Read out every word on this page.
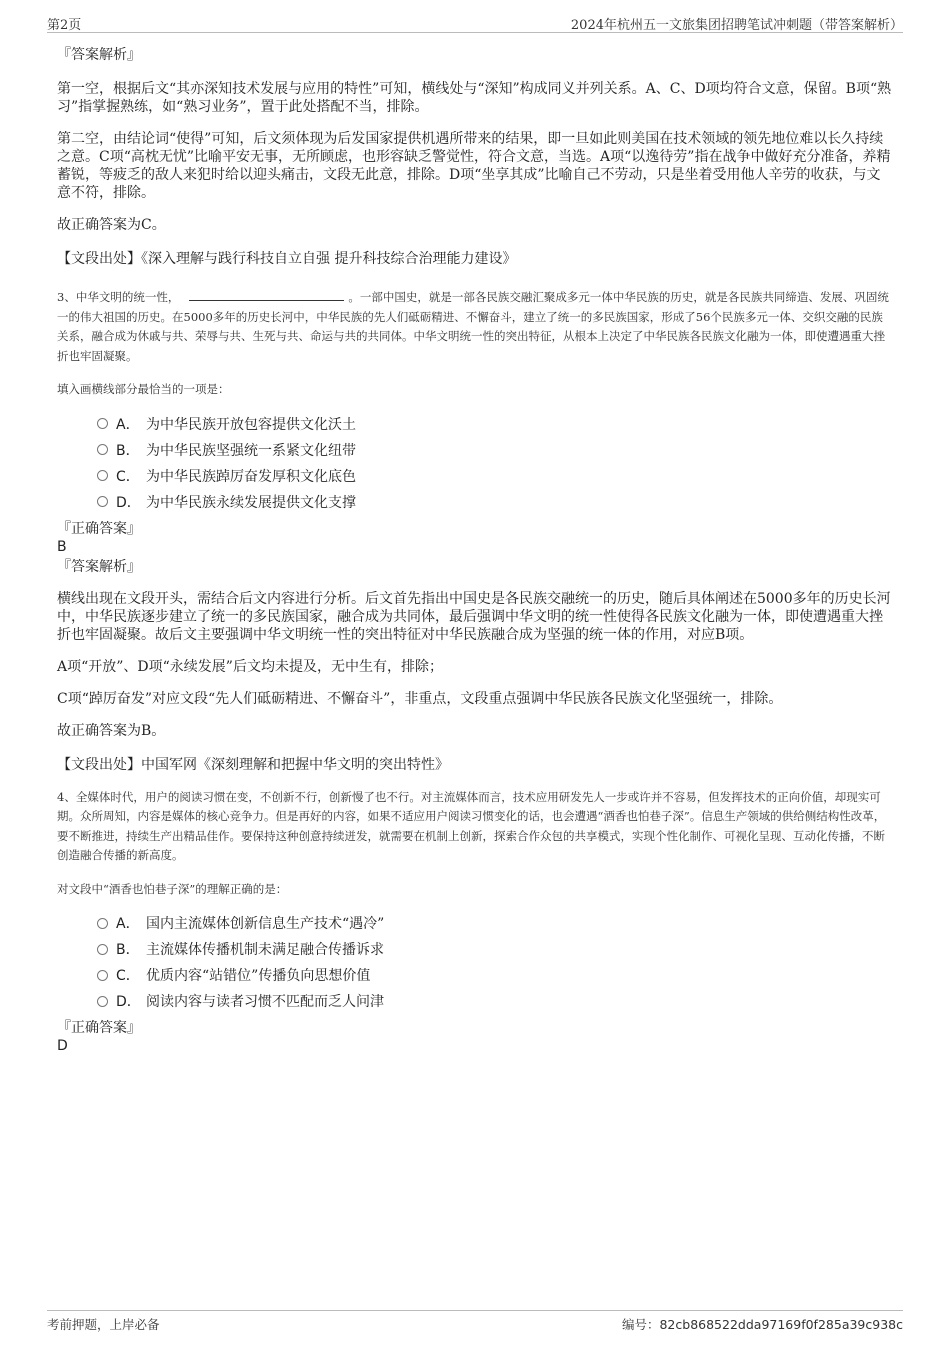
第2页	2024年杭州五一文旅集团招聘笔试冲刺题（带答案解析）

『答案解析』

第一空，根据后文“其亦深知技术发展与应用的特性”可知，横线处与“深知”构成同义并列关系。A、C、D项均符合文意，保留。B项“熟习”指掌握熟练，如“熟习业务”，置于此处搭配不当，排除。

第二空，由结论词“使得”可知，后文须体现为后发国家提供机遇所带来的结果，即一旦如此则美国在技术领域的领先地位难以长久持续之意。C项“高枕无忧”比喻平安无事，无所顾虑，也形容缺乏警觉性，符合文意，当选。A项“以逸待劳”指在战争中做好充分准备，养精蓄锐，等疲乏的敌人来犯时给以迎头痛击，文段无此意，排除。D项“坐享其成”比喻自己不劳动，只是坐着受用他人辛劳的收获，与文意不符，排除。

故正确答案为C。

【文段出处】《深入理解与践行科技自立自强 提升科技综合治理能力建设》

3、中华文明的统一性，	。一部中国史，就是一部各民族交融汇聚成多元一体中华民族的历史，就是各民族共同缔造、发展、巩固统一的伟大祖国的历史。在5000多年的历史长河中，中华民族的先人们砥砺精进、不懈奋斗，建立了统一的多民族国家，形成了56个民族多元一体、交织交融的民族关系，融合成为休戚与共、荣辱与共、生死与共、命运与共的共同体。中华文明统一性的突出特征，从根本上决定了中华民族各民族文化融为一体，即使遭遇重大挫折也牢固凝聚。

填入画横线部分最恰当的一项是：

A． 为中华民族开放包容提供文化沃土
B． 为中华民族坚强统一系紧文化纽带
C． 为中华民族踔厉奋发厚积文化底色
D． 为中华民族永续发展提供文化支撑

『正确答案』

B

『答案解析』

横线出现在文段开头，需结合后文内容进行分析。后文首先指出中国史是各民族交融统一的历史，随后具体阐述在5000多年的历史长河中，中华民族逐步建立了统一的多民族国家，融合成为共同体，最后强调中华文明的统一性使得各民族文化融为一体，即使遭遇重大挫折也牢固凝聚。故后文主要强调中华文明统一性的突出特征对中华民族融合成为坚强的统一体的作用，对应B项。

A项“开放”、D项“永续发展”后文均未提及，无中生有，排除；

C项“踔厉奋发”对应文段“先人们砥砺精进、不懈奋斗”，非重点，文段重点强调中华民族各民族文化坚强统一，排除。

故正确答案为B。

【文段出处】中国军网《深刻理解和把握中华文明的突出特性》

4、全媒体时代，用户的阅读习惯在变，不创新不行，创新慢了也不行。对主流媒体而言，技术应用研发先人一步或许并不容易，但发挥技术的正向价值，却现实可期。众所周知，内容是媒体的核心竞争力。但是再好的内容，如果不适应用户阅读习惯变化的话，也会遭遇“酒香也怕巷子深”。信息生产领域的供给侧结构性改革，要不断推进，持续生产出精品佳作。要保持这种创意持续迸发，就需要在机制上创新，探索合作众包的共享模式，实现个性化制作、可视化呈现、互动化传播，不断创造融合传播的新高度。

对文段中“酒香也怕巷子深”的理解正确的是：

A． 国内主流媒体创新信息生产技术“遇冷”
B． 主流媒体传播机制未满足融合传播诉求
C． 优质内容“站错位”传播负向思想价值
D． 阅读内容与读者习惯不匹配而乏人问津

『正确答案』

D

考前押题，上岸必备	编号：82cb868522dda97169f0f285a39c938c
